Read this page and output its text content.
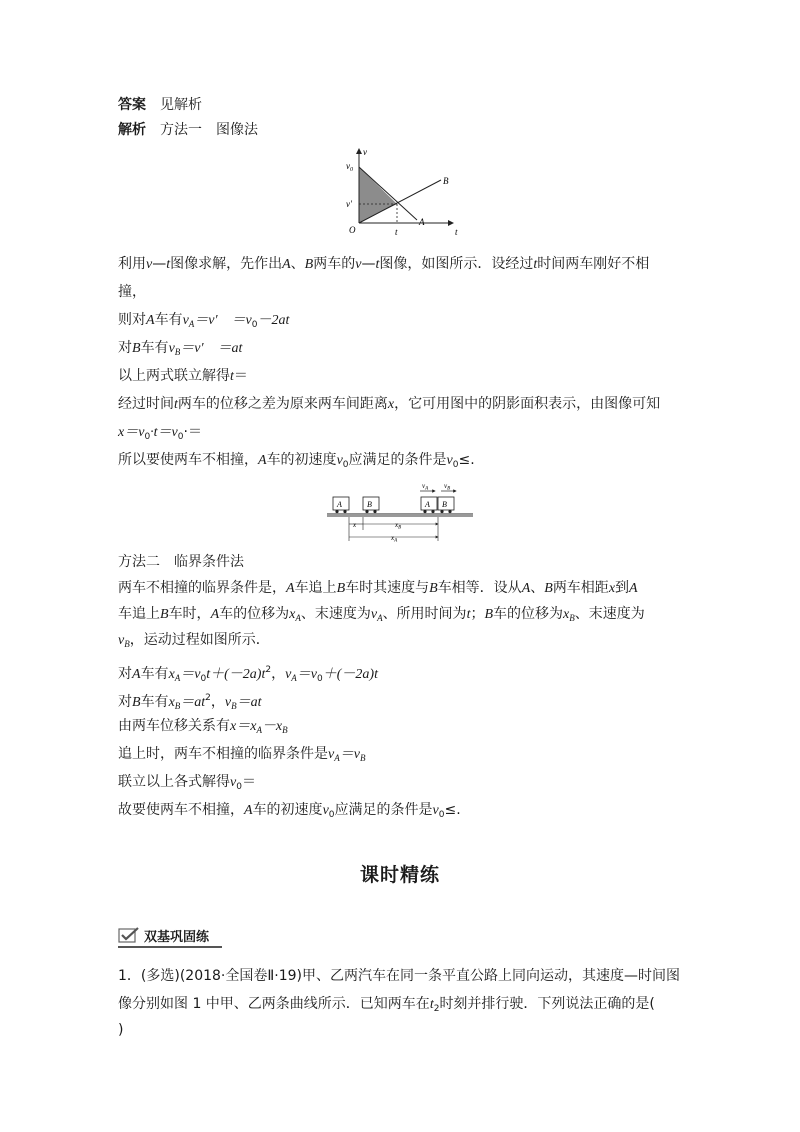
答案 见解析
解析 方法一 图像法
v
$v_0$
v′
O	t	t
A
B
利用v—t图像求解，先作出A、B两车的v—t图像，如图所示．设经过t时间两车刚好不相
撞，
则对A车有$v_A=v'$　$=v_0-2at$
对B车有$v_B=v'$　＝at
以上两式联立解得t＝
经过时间t两车的位移之差为原来两车间距离x，它可用图中的阴影面积表示，由图像可知
$x=v_0\cdot t=v_0\cdot=$
所以要使两车不相撞，A车的初速度$v_0$应满足的条件是$v_0\le$.
A	B	A B
$v_A$ $v_B$
x	$x_B$
$x_A$
方法二 临界条件法
两车不相撞的临界条件是，A车追上B车时其速度与B车相等．设从A、B两车相距x到A
车追上B车时，A车的位移为$x_A$、末速度为$v_A$、所用时间为t；B车的位移为$x_B$、末速度为
$v_B$，运动过程如图所示．
对A车有$x_A=v_0t+(-2a)t^2$，$v_A=v_0+(-2a)t$
对B车有$x_B=at^2$，$v_B=at$
由两车位移关系有$x=x_A-x_B$
追上时，两车不相撞的临界条件是$v_A=v_B$
联立以上各式解得$v_0=$
故要使两车不相撞，A车的初速度$v_0$应满足的条件是$v_0\le$.
课时精练
双基巩固练
1．(多选)(2018·全国卷Ⅱ·19)甲、乙两汽车在同一条平直公路上同向运动，其速度—时间图
像分别如图 1 中甲、乙两条曲线所示．已知两车在$t_2$时刻并排行驶．下列说法正确的是(
)
